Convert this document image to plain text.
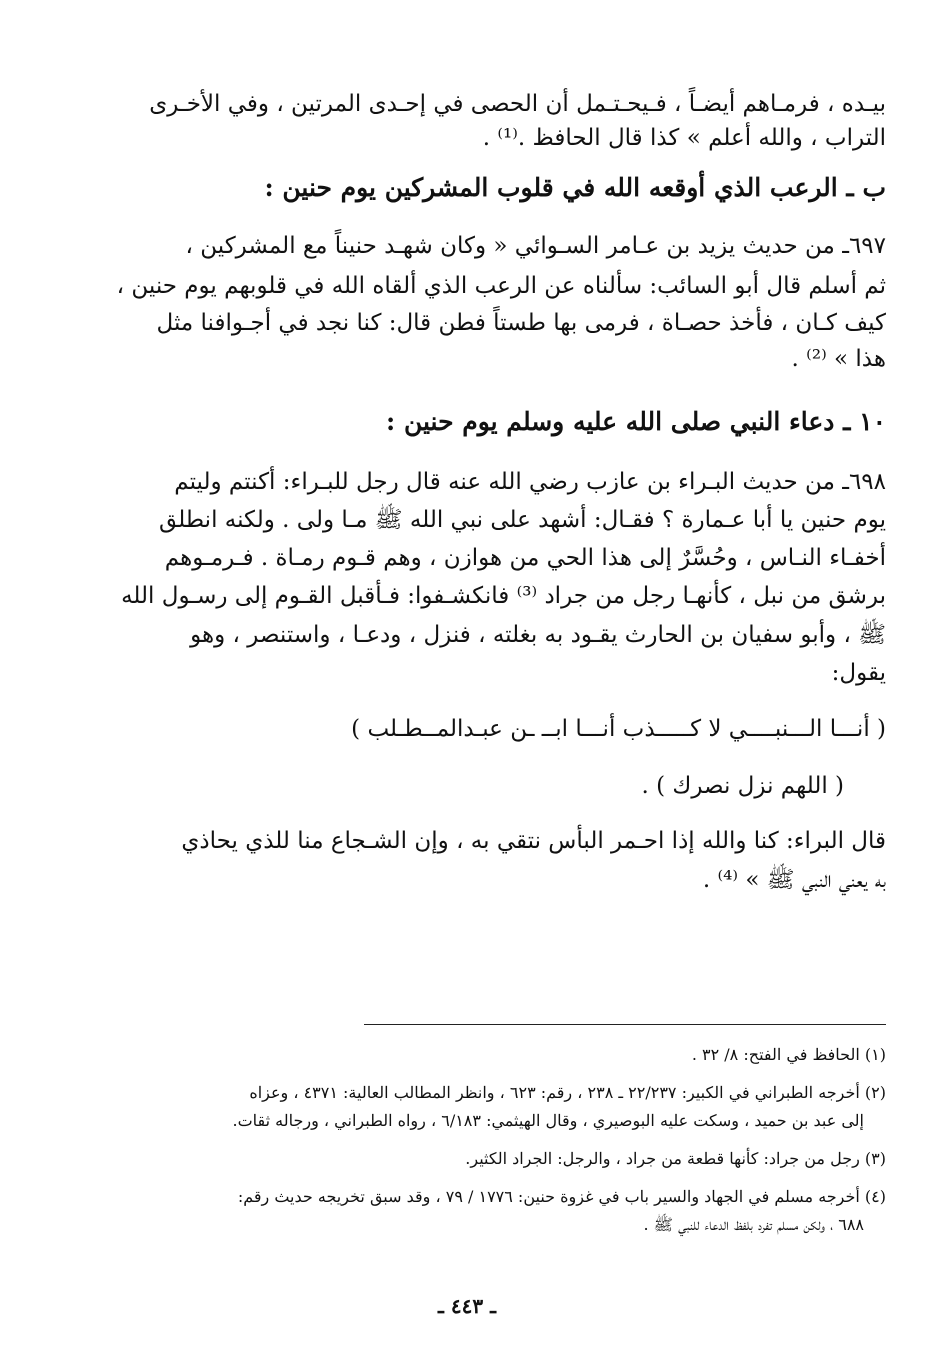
بيـده ، فرمـاهم أيضـاً ، فـيحـتـمل أن الحصى في إحـدى المرتين ، وفي الأخـرى
التراب ، والله أعلم » كذا قال الحافظ .⁽¹⁾ .
ب ـ الرعب الذي أوقعه الله في قلوب المشركين يوم حنين :
٦٩٧ـ من حديث يزيد بن عـامر السـوائي « وكان شهـد حنيناً مع المشركين ،
ثم أسلم قال أبو السائب: سألناه عن الرعب الذي ألقاه الله في قلوبهم يوم حنين ،
كيف كـان ، فأخذ حصـاة ، فرمى بها طستاً فطن قال: كنا نجد في أجـوافنا مثل
هذا » ⁽²⁾ .
١٠ ـ دعاء النبي صلى الله عليه وسلم يوم حنين :
٦٩٨ـ من حديث البـراء بن عازب رضي الله عنه قال رجل للبـراء: أكنتم وليتم
يوم حنين يا أبا عـمارة ؟ فقـال: أشهد على نبي الله ﷺ مـا ولى . ولكنه انطلق
أخفـاء النـاس ، وحُسَّرٌ إلى هذا الحي من هوازن ، وهم قـوم رمـاة . فـرمـوهم
برشق من نبل ، كأنهـا رجل من جراد ⁽³⁾ فانكشـفوا: فـأقبل القـوم إلى رسـول الله
ﷺ ، وأبو سفيان بن الحارث يقـود به بغلته ، فنزل ، ودعـا ، واستنصر ، وهو
يقول:
( أنـــا الـــنبــــي لا كـــــذب أنـــا ابــ ـن عبـدالمــطـلب )
( اللهم نزل نصرك ) .
قال البراء: كنا والله إذا احـمر البأس نتقي به ، وإن الشـجاع منا للذي يحاذي
به يعني النبي ﷺ » ⁽⁴⁾ .
(١) الحافظ في الفتح: ٨/ ٣٢ .
(٢) أخرجه الطبراني في الكبير: ٢٢/٢٣٧ ـ ٢٣٨ ، رقم: ٦٢٣ ، وانظر المطالب العالية: ٤٣٧١ ، وعزاه
إلى عبد بن حميد ، وسكت عليه البوصيري ، وقال الهيثمي: ٦/١٨٣ ، رواه الطبراني ، ورجاله ثقات.
(٣) رجل من جراد: كأنها قطعة من جراد ، والرجل: الجراد الكثير.
(٤) أخرجه مسلم في الجهاد والسير باب في غزوة حنين: ١٧٧٦ / ٧٩ ، وقد سبق تخريجه حديث رقم:
٦٨٨ ، ولكن مسلم تفرد بلفظ الدعاء للنبي ﷺ .
ـ ٤٤٣ ـ
